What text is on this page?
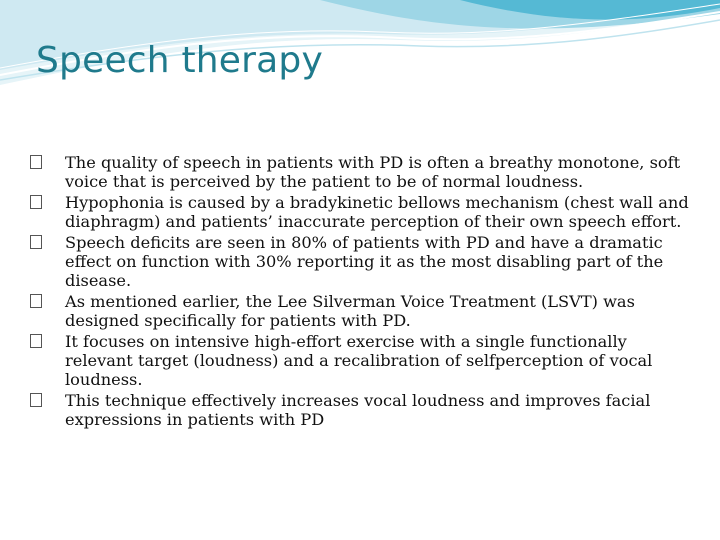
Speech therapy
The quality of speech in patients with PD is often a breathy monotone, soft voice that is perceived by the patient to be of normal loudness.
Hypophonia is caused by a bradykinetic bellows mechanism (chest wall and diaphragm) and patients’ inaccurate perception of their own speech effort.
Speech deficits are seen in 80% of patients with PD and have a dramatic effect on function with 30% reporting it as the most disabling part of the disease.
As mentioned earlier, the Lee Silverman Voice Treatment (LSVT) was designed specifically for patients with PD.
It focuses on intensive high-effort exercise with a single functionally relevant target (loudness) and a recalibration of selfperception of vocal loudness.
This technique effectively increases vocal loudness and improves facial expressions in patients with PD
